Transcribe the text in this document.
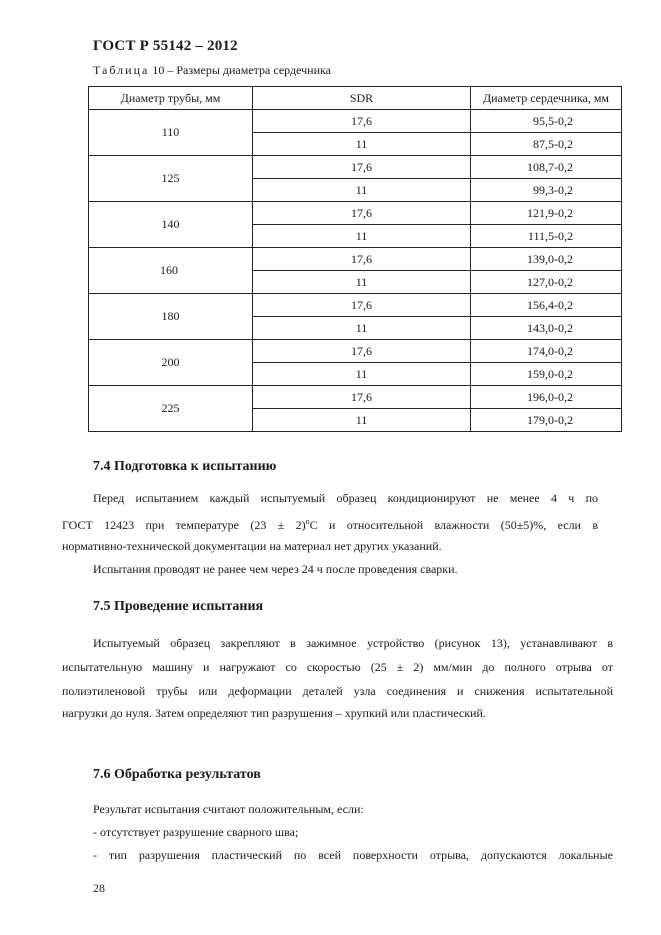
ГОСТ Р 55142 – 2012
Таблица 10 – Размеры диаметра сердечника
Диаметр трубы, мм	SDR	Диаметр сердечника, мм
110	17,6	95,5-0,2
	11	87,5-0,2
125	17,6	108,7-0,2
	11	99,3-0,2
140	17,6	121,9-0,2
	11	111,5-0,2
160	17,6	139,0-0,2
	11	127,0-0,2
180	17,6	156,4-0,2
	11	143,0-0,2
200	17,6	174,0-0,2
	11	159,0-0,2
225	17,6	196,0-0,2
	11	179,0-0,2
7.4 Подготовка к испытанию
Перед испытанием каждый испытуемый образец кондиционируют не менее 4 ч по
ГОСТ 12423 при температуре $(23 \pm 2)^оС$ и относительной влажности (50±5)%, если в
нормативно-технической документации на материал нет других указаний.
Испытания проводят не ранее чем через 24 ч после проведения сварки.
7.5 Проведение испытания
Испытуемый образец закрепляют в зажимное устройство (рисунок 13), устанавливают в
испытательную машину и нагружают со скоростью (25 ± 2) мм/мин до полного отрыва от
полиэтиленовой трубы или деформации деталей узла соединения и снижения испытательной
нагрузки до нуля. Затем определяют тип разрушения – хрупкий или пластический.
7.6 Обработка результатов
Результат испытания считают положительным, если:
- отсутствует разрушение сварного шва;
- тип разрушения пластический по всей поверхности отрыва, допускаются локальные
28
